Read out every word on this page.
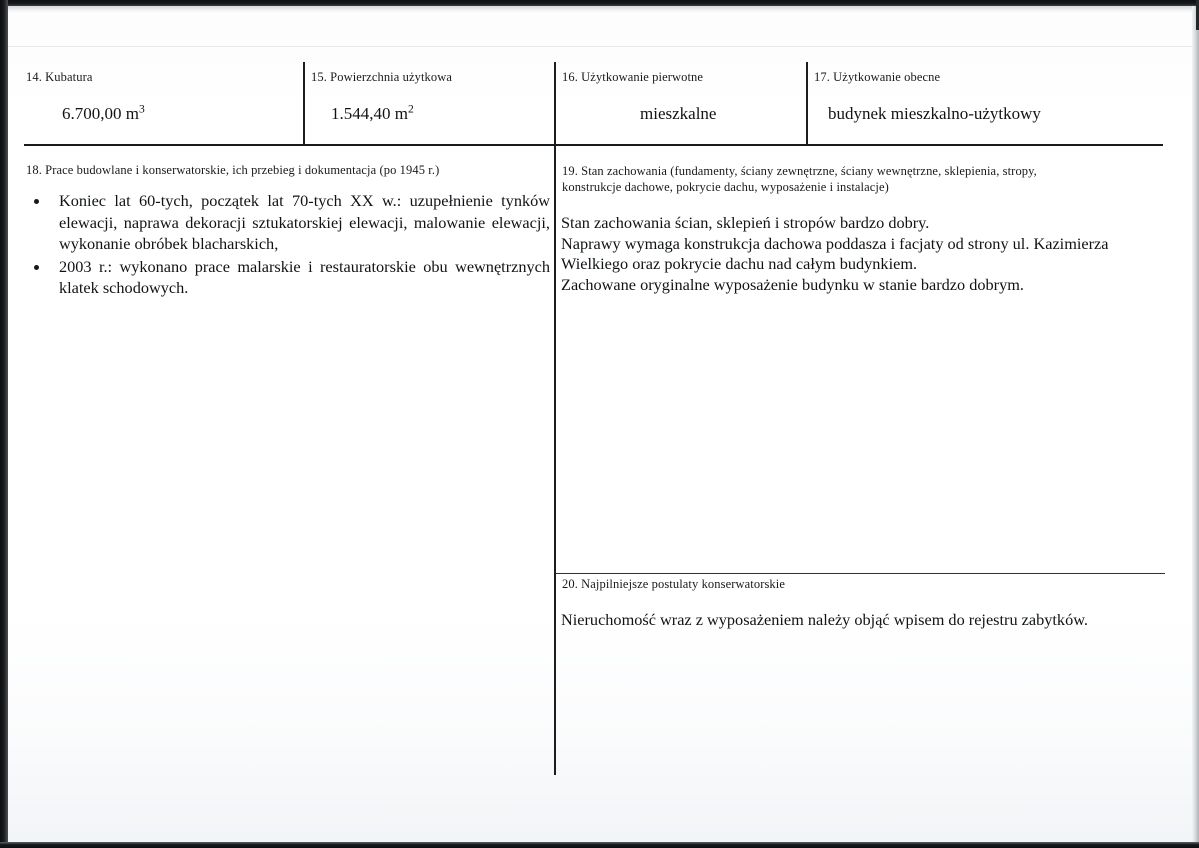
14. Kubatura
6.700,00 $m^3$
15. Powierzchnia użytkowa
1.544,40 $m^2$
16. Użytkowanie pierwotne
mieszkalne
17. Użytkowanie obecne
budynek mieszkalno-użytkowy
18. Prace budowlane i konserwatorskie, ich przebieg i dokumentacja (po 1945 r.)
Koniec lat 60-tych, początek lat 70-tych XX w.: uzupełnienie tynków elewacji, naprawa dekoracji sztukatorskiej elewacji, malowanie elewacji, wykonanie obróbek blacharskich,
2003 r.: wykonano prace malarskie i restauratorskie obu wewnętrznych klatek schodowych.
19. Stan zachowania (fundamenty, ściany zewnętrzne, ściany wewnętrzne, sklepienia, stropy,
konstrukcje dachowe, pokrycie dachu, wyposażenie i instalacje)
Stan zachowania ścian, sklepień i stropów bardzo dobry.
Naprawy wymaga konstrukcja dachowa poddasza i facjaty od strony ul. Kazimierza
Wielkiego oraz pokrycie dachu nad całym budynkiem.
Zachowane oryginalne wyposażenie budynku w stanie bardzo dobrym.
20. Najpilniejsze postulaty konserwatorskie
Nieruchomość wraz z wyposażeniem należy objąć wpisem do rejestru zabytków.
